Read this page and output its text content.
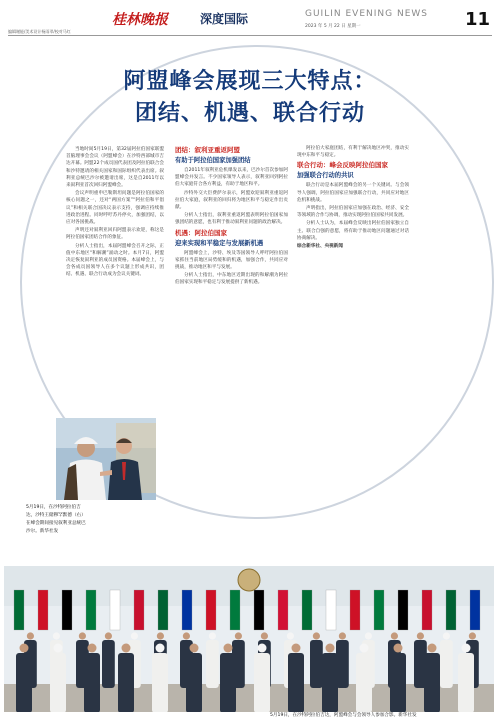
桂林晚报	深度国际	GUILIN EVENING NEWS
2023 年 5 月 22 日 星期一	11
编辑谢能/美术设计杨雨翠/校对马红
阿盟峰会展现三大特点：
团结、机遇、联合行动

当地时间5月19日，第32届阿拉伯国家联盟首脑理事会会议（阿盟峰会）在沙特西部城市吉达开幕。阿盟22个成员国代表团及阿拉伯联合会和沙特邀请的相关国家和国际组织代表出席。叙利亚总统巴沙尔被邀请出席，这是自2011年以来叙利亚首次回归阿盟峰会。

会议声明重申巴勒斯坦问题是阿拉伯国家的核心问题之一，还对“两国方案”“阿拉伯和平倡议”和相关联合国决议表示支持，强调应持续推进政治进程。同时呼吁苏丹停火，加强团结，以应对各国挑战。

声明还对叙利亚回归阿盟表示欢迎，称这是阿拉伯国家团结合作的象征。

分析人士指出，本届阿盟峰会召开之际，正值中东地区“和解潮”涌动之时。本月7日，阿盟决定恢复叙利亚的成员国资格。本届峰会上，与会各成员国领导人在多个议题上形成共识，团结、机遇、联合行动成为会议关键词。

团结：叙利亚重返阿盟

有助于阿拉伯国家加强团结

自2011年叙利亚危机爆发以来，巴沙尔首次参加阿盟峰会并发言。不少国家领导人表示，叙利亚回到阿拉伯大家庭符合各方利益，有助于地区和平。

沙特外交大臣费萨尔表示，阿盟欢迎叙利亚重返阿拉伯大家庭，叙利亚的回归将为地区和平与稳定作出贡献。

分析人士指出，叙利亚重返阿盟表明阿拉伯国家加强团结的意愿，也有利于推动叙利亚问题的政治解决。

机遇：阿拉伯国家

迎来实现和平稳定与发展新机遇

阿盟峰会上，沙特、埃及等国领导人呼吁阿拉伯国家抓住当前地区局势缓和的机遇，加强合作，共同应对挑战，推动地区和平与发展。

分析人士指出，中东地区近期出现的和解潮为阿拉伯国家实现和平稳定与发展提供了新机遇。

阿拉伯大家庭团结，有利于解决地区冲突，推动实现中东和平与稳定。

联合行动：峰会反映阿拉伯国家

加强联合行动的共识

联合行动是本届阿盟峰会的另一个关键词。与会领导人强调，阿拉伯国家应加强联合行动，共同应对地区危机和挑战。

声明指出，阿拉伯国家应加强在政治、经济、安全等领域的合作与协调，推动实现阿拉伯国家共同发展。

分析人士认为，本届峰会反映出阿拉伯国家独立自主、联合自强的意愿，将有助于推动地区问题通过对话协商解决。

综合新华社、央视新闻

5月19日，在沙特阿拉伯吉达，沙特王储穆罕默德（右）在峰会期间接见叙利亚总统巴沙尔。新华社发
5月19日，在沙特阿拉伯吉达，阿盟峰会与会领导人参加合影。新华社发
